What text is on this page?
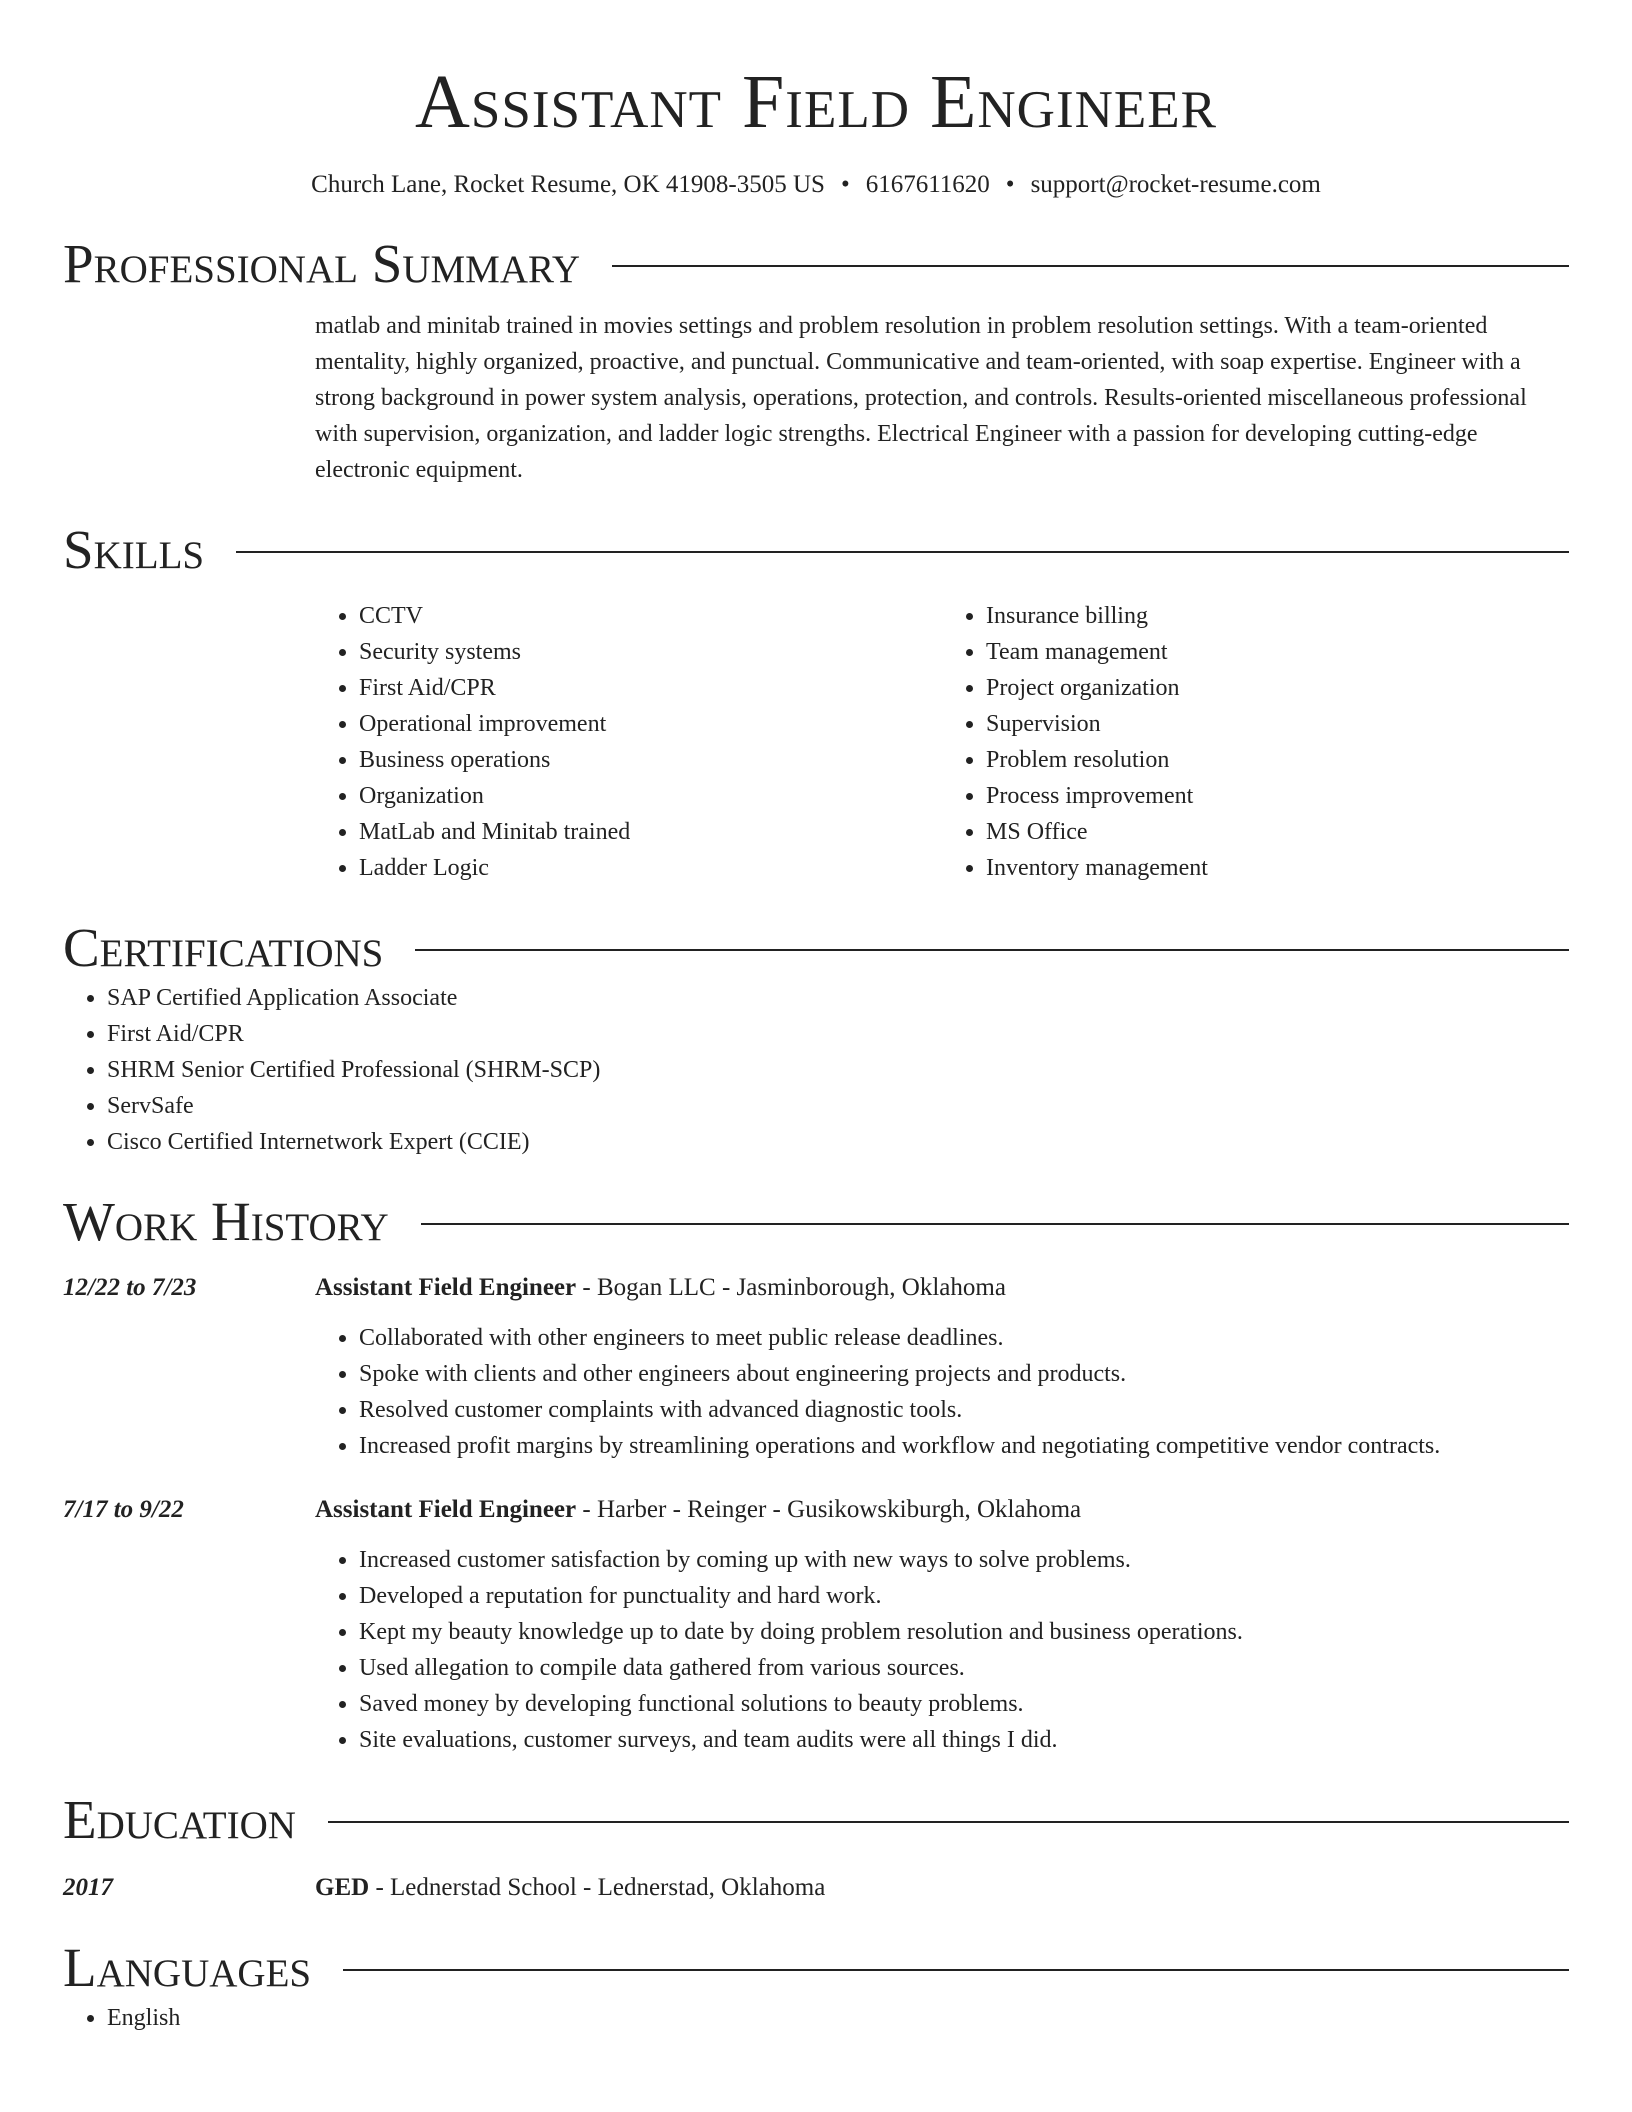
Assistant Field Engineer
Church Lane, Rocket Resume, OK 41908-3505 US • 6167611620 • support@rocket-resume.com
Professional Summary
matlab and minitab trained in movies settings and problem resolution in problem resolution settings. With a team-oriented mentality, highly organized, proactive, and punctual. Communicative and team-oriented, with soap expertise. Engineer with a strong background in power system analysis, operations, protection, and controls. Results-oriented miscellaneous professional with supervision, organization, and ladder logic strengths. Electrical Engineer with a passion for developing cutting-edge electronic equipment.
Skills
• CCTV
• Security systems
• First Aid/CPR
• Operational improvement
• Business operations
• Organization
• MatLab and Minitab trained
• Ladder Logic
• Insurance billing
• Team management
• Project organization
• Supervision
• Problem resolution
• Process improvement
• MS Office
• Inventory management
Certifications
• SAP Certified Application Associate
• First Aid/CPR
• SHRM Senior Certified Professional (SHRM-SCP)
• ServSafe
• Cisco Certified Internetwork Expert (CCIE)
Work History
12/22 to 7/23	Assistant Field Engineer - Bogan LLC - Jasminborough, Oklahoma
• Collaborated with other engineers to meet public release deadlines.
• Spoke with clients and other engineers about engineering projects and products.
• Resolved customer complaints with advanced diagnostic tools.
• Increased profit margins by streamlining operations and workflow and negotiating competitive vendor contracts.
7/17 to 9/22	Assistant Field Engineer - Harber - Reinger - Gusikowskiburgh, Oklahoma
• Increased customer satisfaction by coming up with new ways to solve problems.
• Developed a reputation for punctuality and hard work.
• Kept my beauty knowledge up to date by doing problem resolution and business operations.
• Used allegation to compile data gathered from various sources.
• Saved money by developing functional solutions to beauty problems.
• Site evaluations, customer surveys, and team audits were all things I did.
Education
2017	GED - Lednerstad School - Lednerstad, Oklahoma
Languages
• English
